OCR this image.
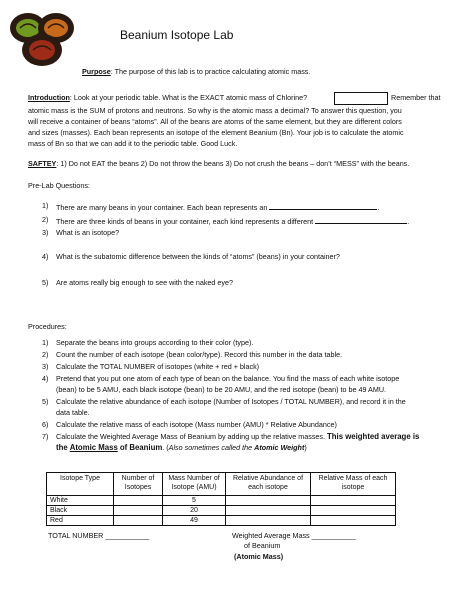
Beanium Isotope Lab
Purpose: The purpose of this lab is to practice calculating atomic mass.
Introduction: Look at your periodic table. What is the EXACT atomic mass of Chlorine?	Remember that
atomic mass is the SUM of protons and neutrons. So why is the atomic mass a decimal? To answer this question, you
will receive a container of beans “atoms”. All of the beans are atoms of the same element, but they are different colors
and sizes (masses). Each bean represents an isotope of the element Beanium (Bn). Your job is to calculate the atomic
mass of Bn so that we can add it to the periodic table. Good Luck.
SAFTEY: 1) Do not EAT the beans 2) Do not throw the beans 3) Do not crush the beans – don’t “MESS” with the beans.
Pre-Lab Questions:
1) There are many beans in your container. Each bean represents an	.
2) There are three kinds of beans in your container, each kind represents a different	.
3) What is an isotope?
4) What is the subatomic difference between the kinds of “atoms” (beans) in your container?
5) Are atoms really big enough to see with the naked eye?
Procedures:
1) Separate the beans into groups according to their color (type).
2) Count the number of each isotope (bean color/type). Record this number in the data table.
3) Calculate the TOTAL NUMBER of isotopes (white + red + black)
4) Pretend that you put one atom of each type of bean on the balance. You find the mass of each white isotope
(bean) to be 5 AMU, each black isotope (bean) to be 20 AMU, and the red isotope (bean) to be 49 AMU.
5) Calculate the relative abundance of each isotope (Number of Isotopes / TOTAL NUMBER), and record it in the
data table.
6) Calculate the relative mass of each isotope (Mass number (AMU) * Relative Abundance)
7) Calculate the Weighted Average Mass of Beanium by adding up the relative masses. This weighted average is
the Atomic Mass of Beanium. (Also sometimes called the Atomic Weight)
Isotope Type	Number of Isotopes	Mass Number of Isotope (AMU)	Relative Abundance of each isotope	Relative Mass of each isotope
White		5		
Black		20		
Red		49		
TOTAL NUMBER ___________	Weighted Average Mass ___________
of Beanium
(Atomic Mass)
